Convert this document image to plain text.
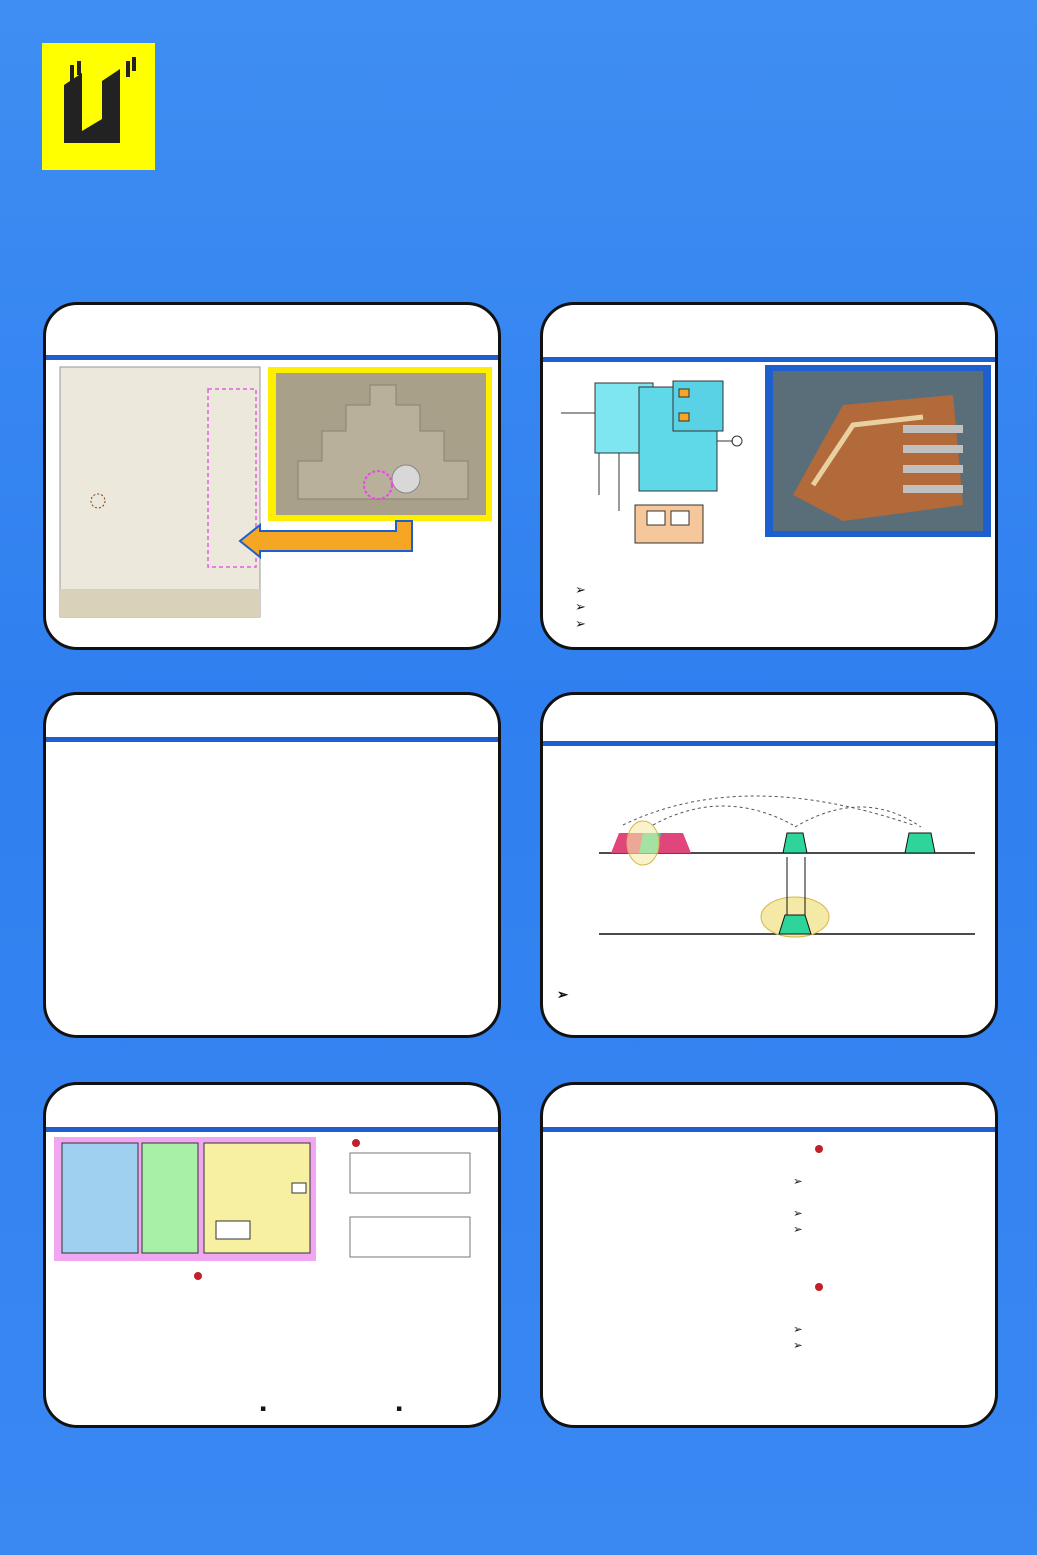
➢
➢
➢
➢
▪	▪
➢
➢
➢
➢
➢
